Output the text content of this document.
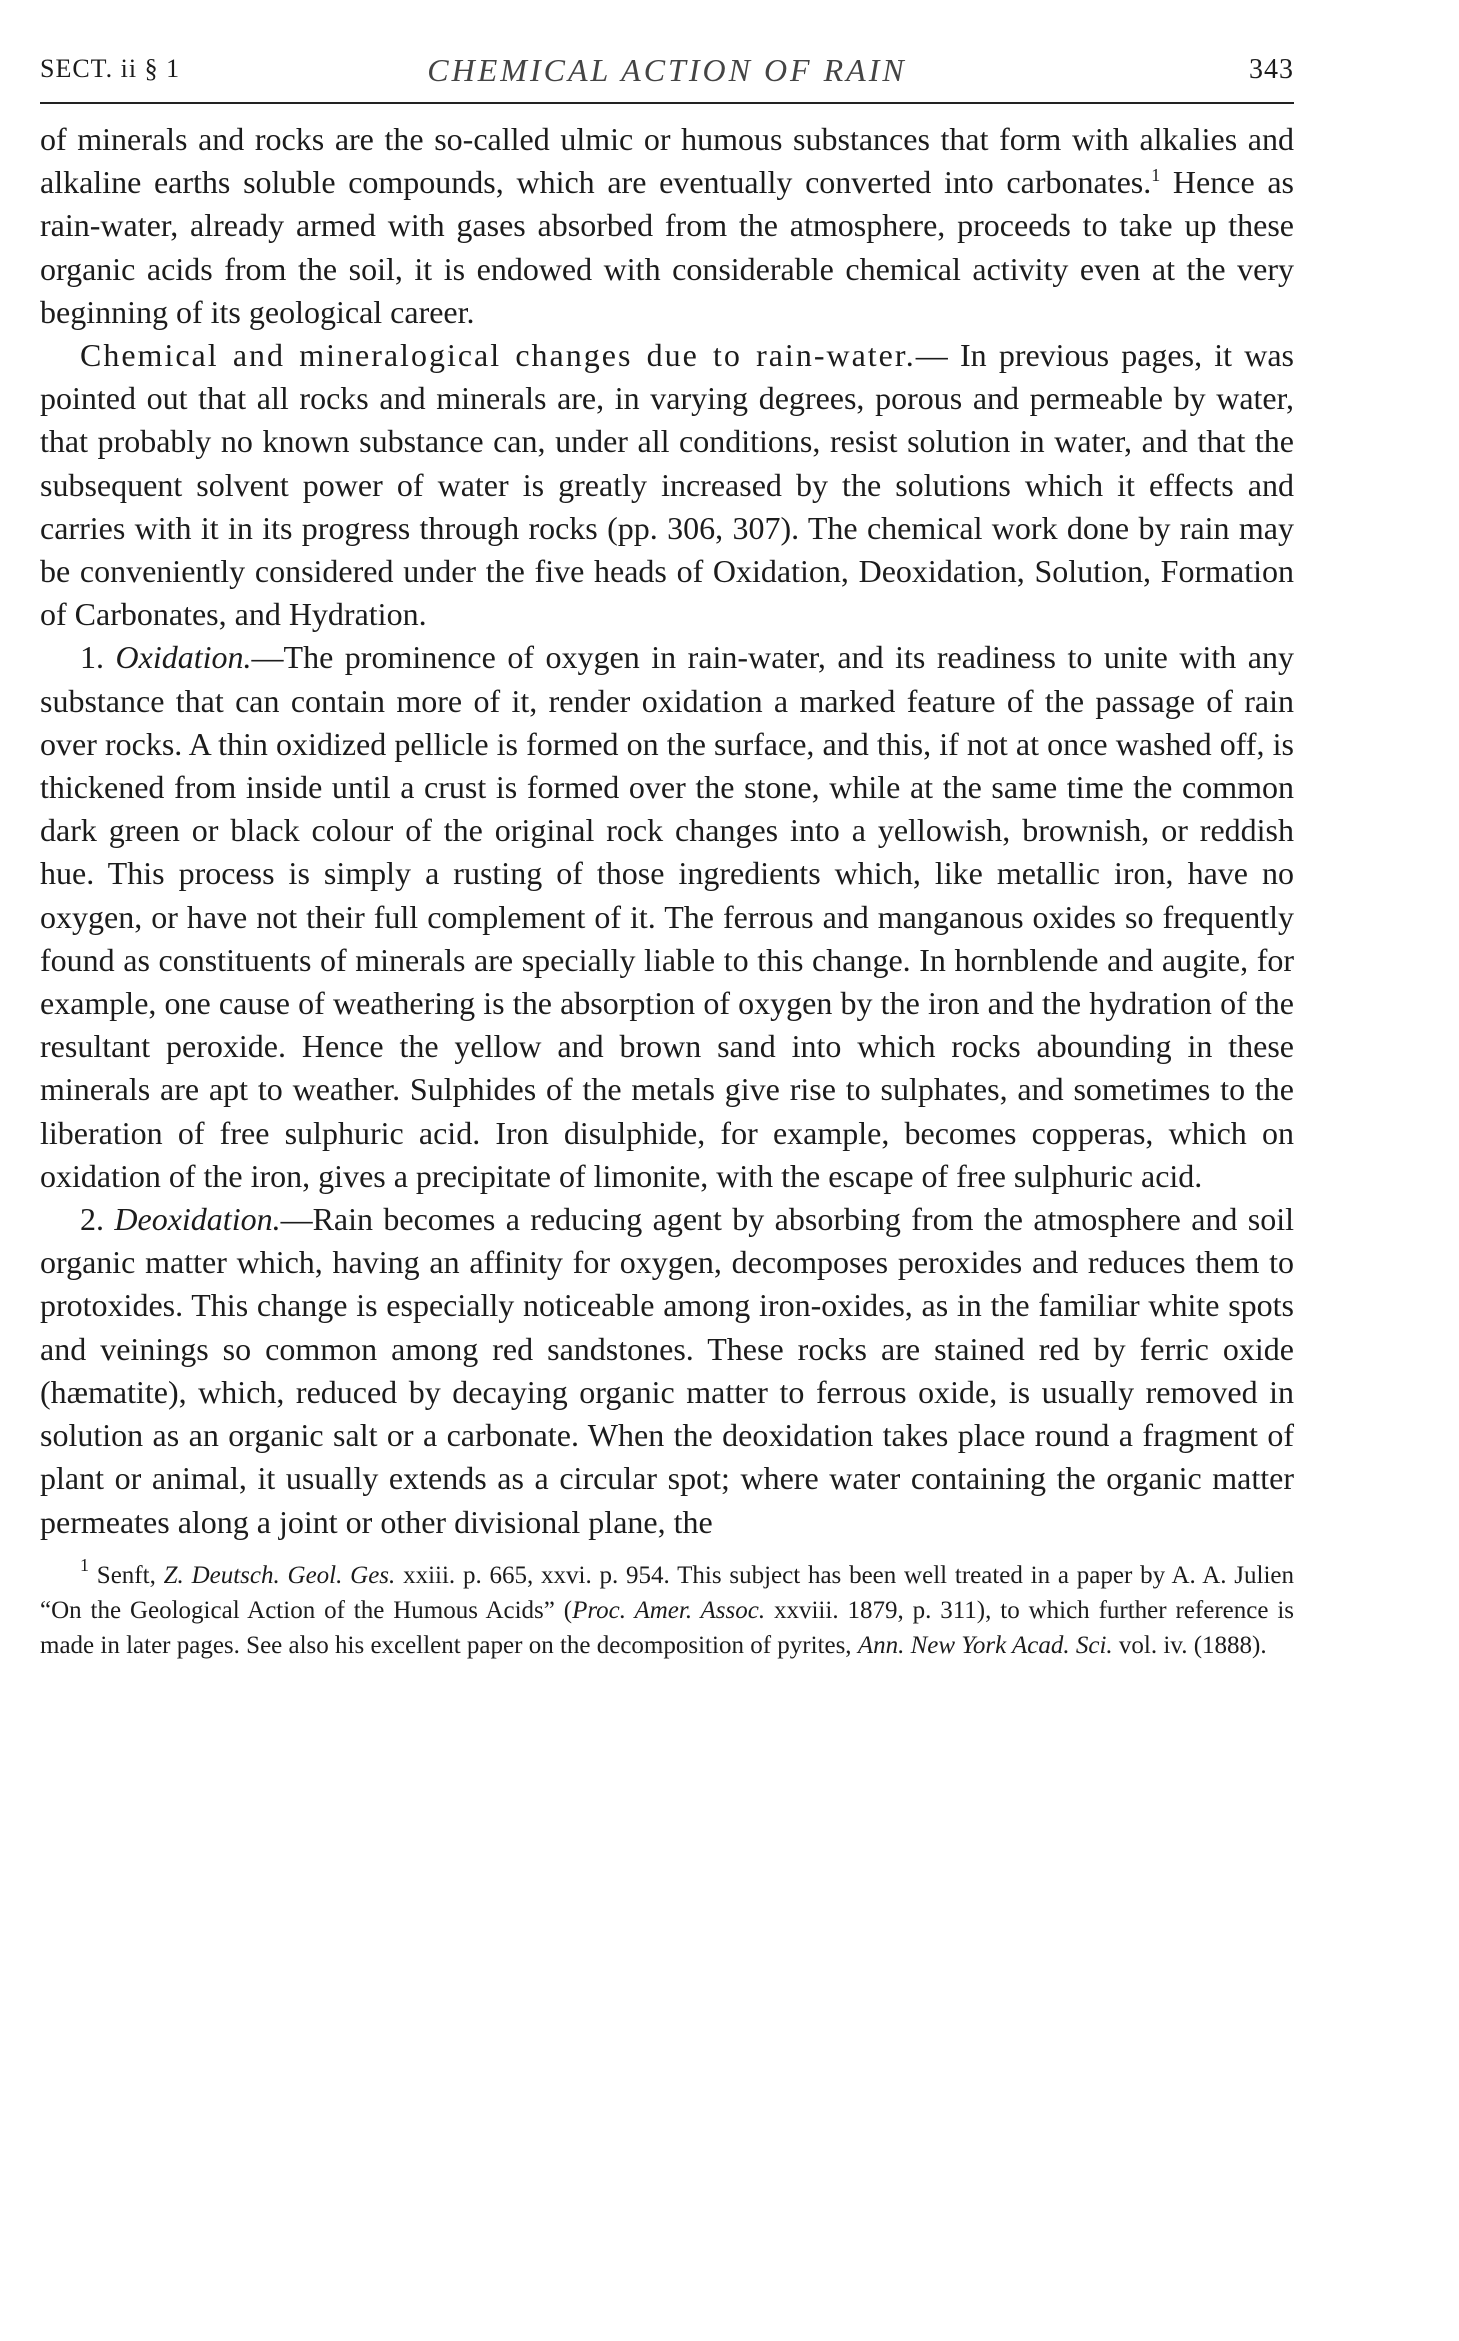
SECT. ii § 1	CHEMICAL ACTION OF RAIN	343

of minerals and rocks are the so-called ulmic or humous substances that form with alkalies and alkaline earths soluble compounds, which are eventually converted into carbonates.$^1$ Hence as rain-water, already armed with gases absorbed from the atmosphere, proceeds to take up these organic acids from the soil, it is endowed with considerable chemical activity even at the very beginning of its geological career.

Chemical and mineralogical changes due to rain-water.— In previous pages, it was pointed out that all rocks and minerals are, in varying degrees, porous and permeable by water, that probably no known substance can, under all conditions, resist solution in water, and that the subsequent solvent power of water is greatly increased by the solutions which it effects and carries with it in its progress through rocks (pp. 306, 307). The chemical work done by rain may be conveniently considered under the five heads of Oxidation, Deoxidation, Solution, Formation of Carbonates, and Hydration.

1. Oxidation.—The prominence of oxygen in rain-water, and its readiness to unite with any substance that can contain more of it, render oxidation a marked feature of the passage of rain over rocks. A thin oxidized pellicle is formed on the surface, and this, if not at once washed off, is thickened from inside until a crust is formed over the stone, while at the same time the common dark green or black colour of the original rock changes into a yellowish, brownish, or reddish hue. This process is simply a rusting of those ingredients which, like metallic iron, have no oxygen, or have not their full complement of it. The ferrous and manganous oxides so frequently found as constituents of minerals are specially liable to this change. In hornblende and augite, for example, one cause of weathering is the absorption of oxygen by the iron and the hydration of the resultant peroxide. Hence the yellow and brown sand into which rocks abounding in these minerals are apt to weather. Sulphides of the metals give rise to sulphates, and sometimes to the liberation of free sulphuric acid. Iron disulphide, for example, becomes copperas, which on oxidation of the iron, gives a precipitate of limonite, with the escape of free sulphuric acid.

2. Deoxidation.—Rain becomes a reducing agent by absorbing from the atmosphere and soil organic matter which, having an affinity for oxygen, decomposes peroxides and reduces them to protoxides. This change is especially noticeable among iron-oxides, as in the familiar white spots and veinings so common among red sandstones. These rocks are stained red by ferric oxide (hæmatite), which, reduced by decaying organic matter to ferrous oxide, is usually removed in solution as an organic salt or a carbonate. When the deoxidation takes place round a fragment of plant or animal, it usually extends as a circular spot; where water containing the organic matter permeates along a joint or other divisional plane, the

$^1$ Senft, Z. Deutsch. Geol. Ges. xxiii. p. 665, xxvi. p. 954. This subject has been well treated in a paper by A. A. Julien “On the Geological Action of the Humous Acids” (Proc. Amer. Assoc. xxviii. 1879, p. 311), to which further reference is made in later pages. See also his excellent paper on the decomposition of pyrites, Ann. New York Acad. Sci. vol. iv. (1888).
